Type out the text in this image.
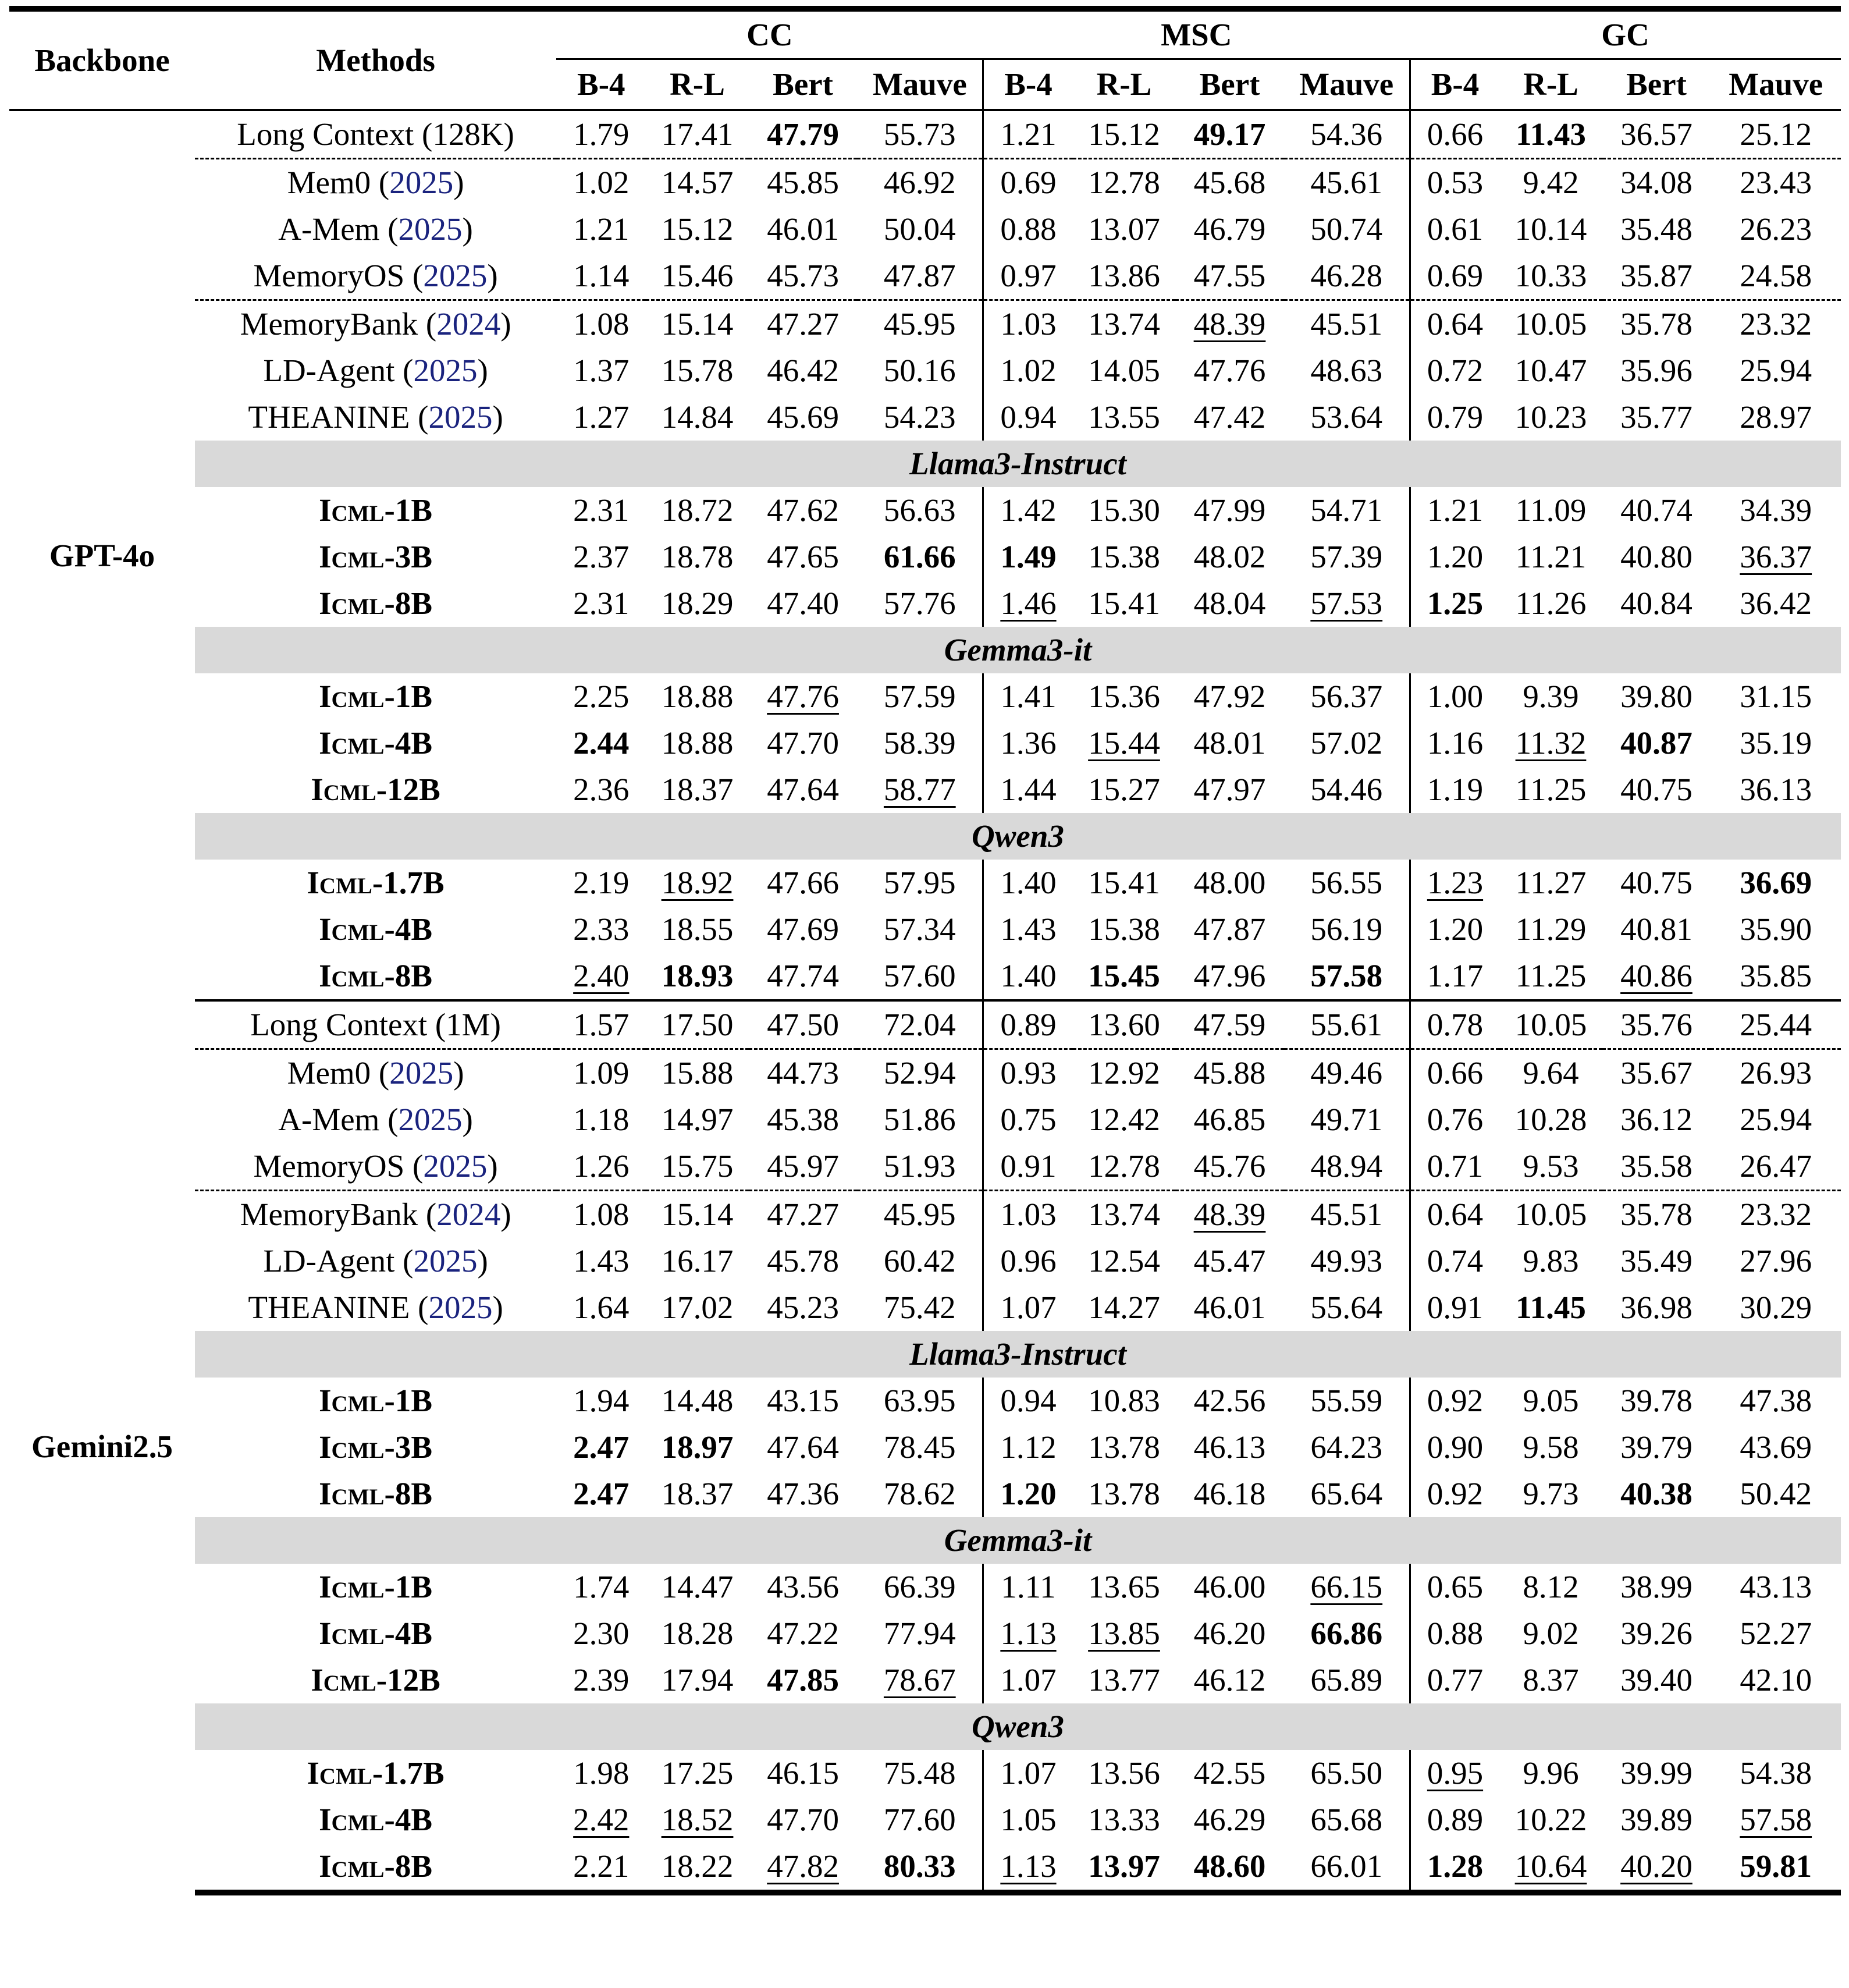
Backbone	Methods	CC				MSC				GC			
		B-4	R-L	Bert	Mauve	B-4	R-L	Bert	Mauve	B-4	R-L	Bert	Mauve
GPT-4o	Long Context (128K)	1.79	17.41	47.79	55.73	1.21	15.12	49.17	54.36	0.66	11.43	36.57	25.12
	Mem0 (2025)	1.02	14.57	45.85	46.92	0.69	12.78	45.68	45.61	0.53	9.42	34.08	23.43
	A-Mem (2025)	1.21	15.12	46.01	50.04	0.88	13.07	46.79	50.74	0.61	10.14	35.48	26.23
	MemoryOS (2025)	1.14	15.46	45.73	47.87	0.97	13.86	47.55	46.28	0.69	10.33	35.87	24.58
	MemoryBank (2024)	1.08	15.14	47.27	45.95	1.03	13.74	48.39	45.51	0.64	10.05	35.78	23.32
	LD-Agent (2025)	1.37	15.78	46.42	50.16	1.02	14.05	47.76	48.63	0.72	10.47	35.96	25.94
	THEANINE (2025)	1.27	14.84	45.69	54.23	0.94	13.55	47.42	53.64	0.79	10.23	35.77	28.97
	Llama3-Instruct												
	Icml-1B	2.31	18.72	47.62	56.63	1.42	15.30	47.99	54.71	1.21	11.09	40.74	34.39
	Icml-3B	2.37	18.78	47.65	61.66	1.49	15.38	48.02	57.39	1.20	11.21	40.80	36.37
	Icml-8B	2.31	18.29	47.40	57.76	1.46	15.41	48.04	57.53	1.25	11.26	40.84	36.42
	Gemma3-it												
	Icml-1B	2.25	18.88	47.76	57.59	1.41	15.36	47.92	56.37	1.00	9.39	39.80	31.15
	Icml-4B	2.44	18.88	47.70	58.39	1.36	15.44	48.01	57.02	1.16	11.32	40.87	35.19
	Icml-12B	2.36	18.37	47.64	58.77	1.44	15.27	47.97	54.46	1.19	11.25	40.75	36.13
	Qwen3												
	Icml-1.7B	2.19	18.92	47.66	57.95	1.40	15.41	48.00	56.55	1.23	11.27	40.75	36.69
	Icml-4B	2.33	18.55	47.69	57.34	1.43	15.38	47.87	56.19	1.20	11.29	40.81	35.90
	Icml-8B	2.40	18.93	47.74	57.60	1.40	15.45	47.96	57.58	1.17	11.25	40.86	35.85
Gemini2.5	Long Context (1M)	1.57	17.50	47.50	72.04	0.89	13.60	47.59	55.61	0.78	10.05	35.76	25.44
	Mem0 (2025)	1.09	15.88	44.73	52.94	0.93	12.92	45.88	49.46	0.66	9.64	35.67	26.93
	A-Mem (2025)	1.18	14.97	45.38	51.86	0.75	12.42	46.85	49.71	0.76	10.28	36.12	25.94
	MemoryOS (2025)	1.26	15.75	45.97	51.93	0.91	12.78	45.76	48.94	0.71	9.53	35.58	26.47
	MemoryBank (2024)	1.08	15.14	47.27	45.95	1.03	13.74	48.39	45.51	0.64	10.05	35.78	23.32
	LD-Agent (2025)	1.43	16.17	45.78	60.42	0.96	12.54	45.47	49.93	0.74	9.83	35.49	27.96
	THEANINE (2025)	1.64	17.02	45.23	75.42	1.07	14.27	46.01	55.64	0.91	11.45	36.98	30.29
	Llama3-Instruct												
	Icml-1B	1.94	14.48	43.15	63.95	0.94	10.83	42.56	55.59	0.92	9.05	39.78	47.38
	Icml-3B	2.47	18.97	47.64	78.45	1.12	13.78	46.13	64.23	0.90	9.58	39.79	43.69
	Icml-8B	2.47	18.37	47.36	78.62	1.20	13.78	46.18	65.64	0.92	9.73	40.38	50.42
	Gemma3-it												
	Icml-1B	1.74	14.47	43.56	66.39	1.11	13.65	46.00	66.15	0.65	8.12	38.99	43.13
	Icml-4B	2.30	18.28	47.22	77.94	1.13	13.85	46.20	66.86	0.88	9.02	39.26	52.27
	Icml-12B	2.39	17.94	47.85	78.67	1.07	13.77	46.12	65.89	0.77	8.37	39.40	42.10
	Qwen3												
	Icml-1.7B	1.98	17.25	46.15	75.48	1.07	13.56	42.55	65.50	0.95	9.96	39.99	54.38
	Icml-4B	2.42	18.52	47.70	77.60	1.05	13.33	46.29	65.68	0.89	10.22	39.89	57.58
	Icml-8B	2.21	18.22	47.82	80.33	1.13	13.97	48.60	66.01	1.28	10.64	40.20	59.81
